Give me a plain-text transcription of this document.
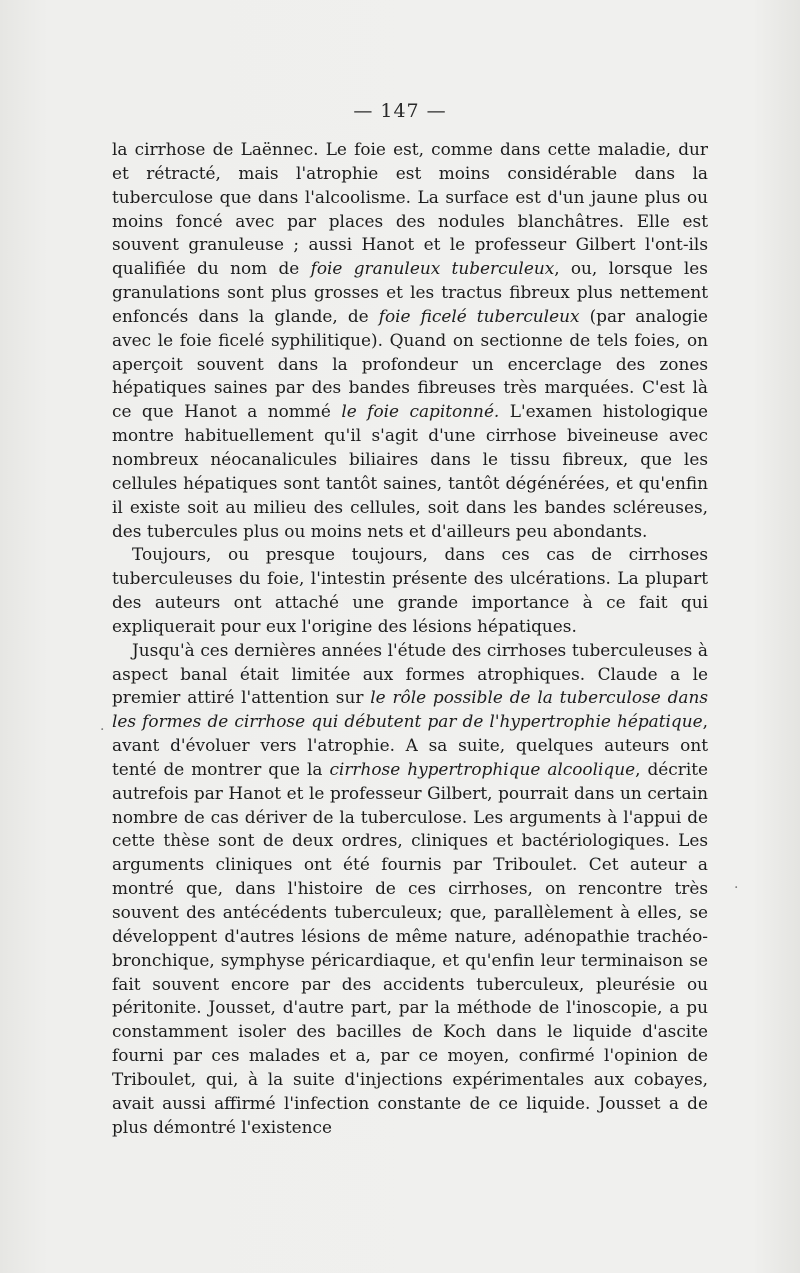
— 147 —

la cirrhose de Laënnec. Le foie est, comme dans cette maladie, dur et rétracté, mais l'atrophie est moins considérable dans la tuberculose que dans l'alcoolisme. La surface est d'un jaune plus ou moins foncé avec par places des nodules blanchâtres. Elle est souvent granuleuse ; aussi Hanot et le professeur Gilbert l'ont-ils qualifiée du nom de foie granuleux tuberculeux, ou, lorsque les granulations sont plus grosses et les tractus fibreux plus nettement enfoncés dans la glande, de foie ficelé tuberculeux (par analogie avec le foie ficelé syphilitique). Quand on sectionne de tels foies, on aperçoit souvent dans la profondeur un encerclage des zones hépatiques saines par des bandes fibreuses très marquées. C'est là ce que Hanot a nommé le foie capitonné. L'examen histologique montre habituellement qu'il s'agit d'une cirrhose biveineuse avec nombreux néocanalicules biliaires dans le tissu fibreux, que les cellules hépatiques sont tantôt saines, tantôt dégénérées, et qu'enfin il existe soit au milieu des cellules, soit dans les bandes scléreuses, des tubercules plus ou moins nets et d'ailleurs peu abondants.

Toujours, ou presque toujours, dans ces cas de cirrhoses tuberculeuses du foie, l'intestin présente des ulcérations. La plupart des auteurs ont attaché une grande importance à ce fait qui expliquerait pour eux l'origine des lésions hépatiques.

Jusqu'à ces dernières années l'étude des cirrhoses tuberculeuses à aspect banal était limitée aux formes atrophiques. Claude a le premier attiré l'attention sur le rôle possible de la tuberculose dans les formes de cirrhose qui débutent par de l'hypertrophie hépatique, avant d'évoluer vers l'atrophie. A sa suite, quelques auteurs ont tenté de montrer que la cirrhose hypertrophique alcoolique, décrite autrefois par Hanot et le professeur Gilbert, pourrait dans un certain nombre de cas dériver de la tuberculose. Les arguments à l'appui de cette thèse sont de deux ordres, cliniques et bactériologiques. Les arguments cliniques ont été fournis par Triboulet. Cet auteur a montré que, dans l'histoire de ces cirrhoses, on rencontre très souvent des antécédents tuberculeux; que, parallèlement à elles, se développent d'autres lésions de même nature, adénopathie trachéo-bronchique, symphyse péricardiaque, et qu'enfin leur terminaison se fait souvent encore par des accidents tuberculeux, pleurésie ou péritonite. Jousset, d'autre part, par la méthode de l'inoscopie, a pu constamment isoler des bacilles de Koch dans le liquide d'ascite fourni par ces malades et a, par ce moyen, confirmé l'opinion de Triboulet, qui, à la suite d'injections expérimentales aux cobayes, avait aussi affirmé l'infection constante de ce liquide. Jousset a de plus démontré l'existence

·
·
